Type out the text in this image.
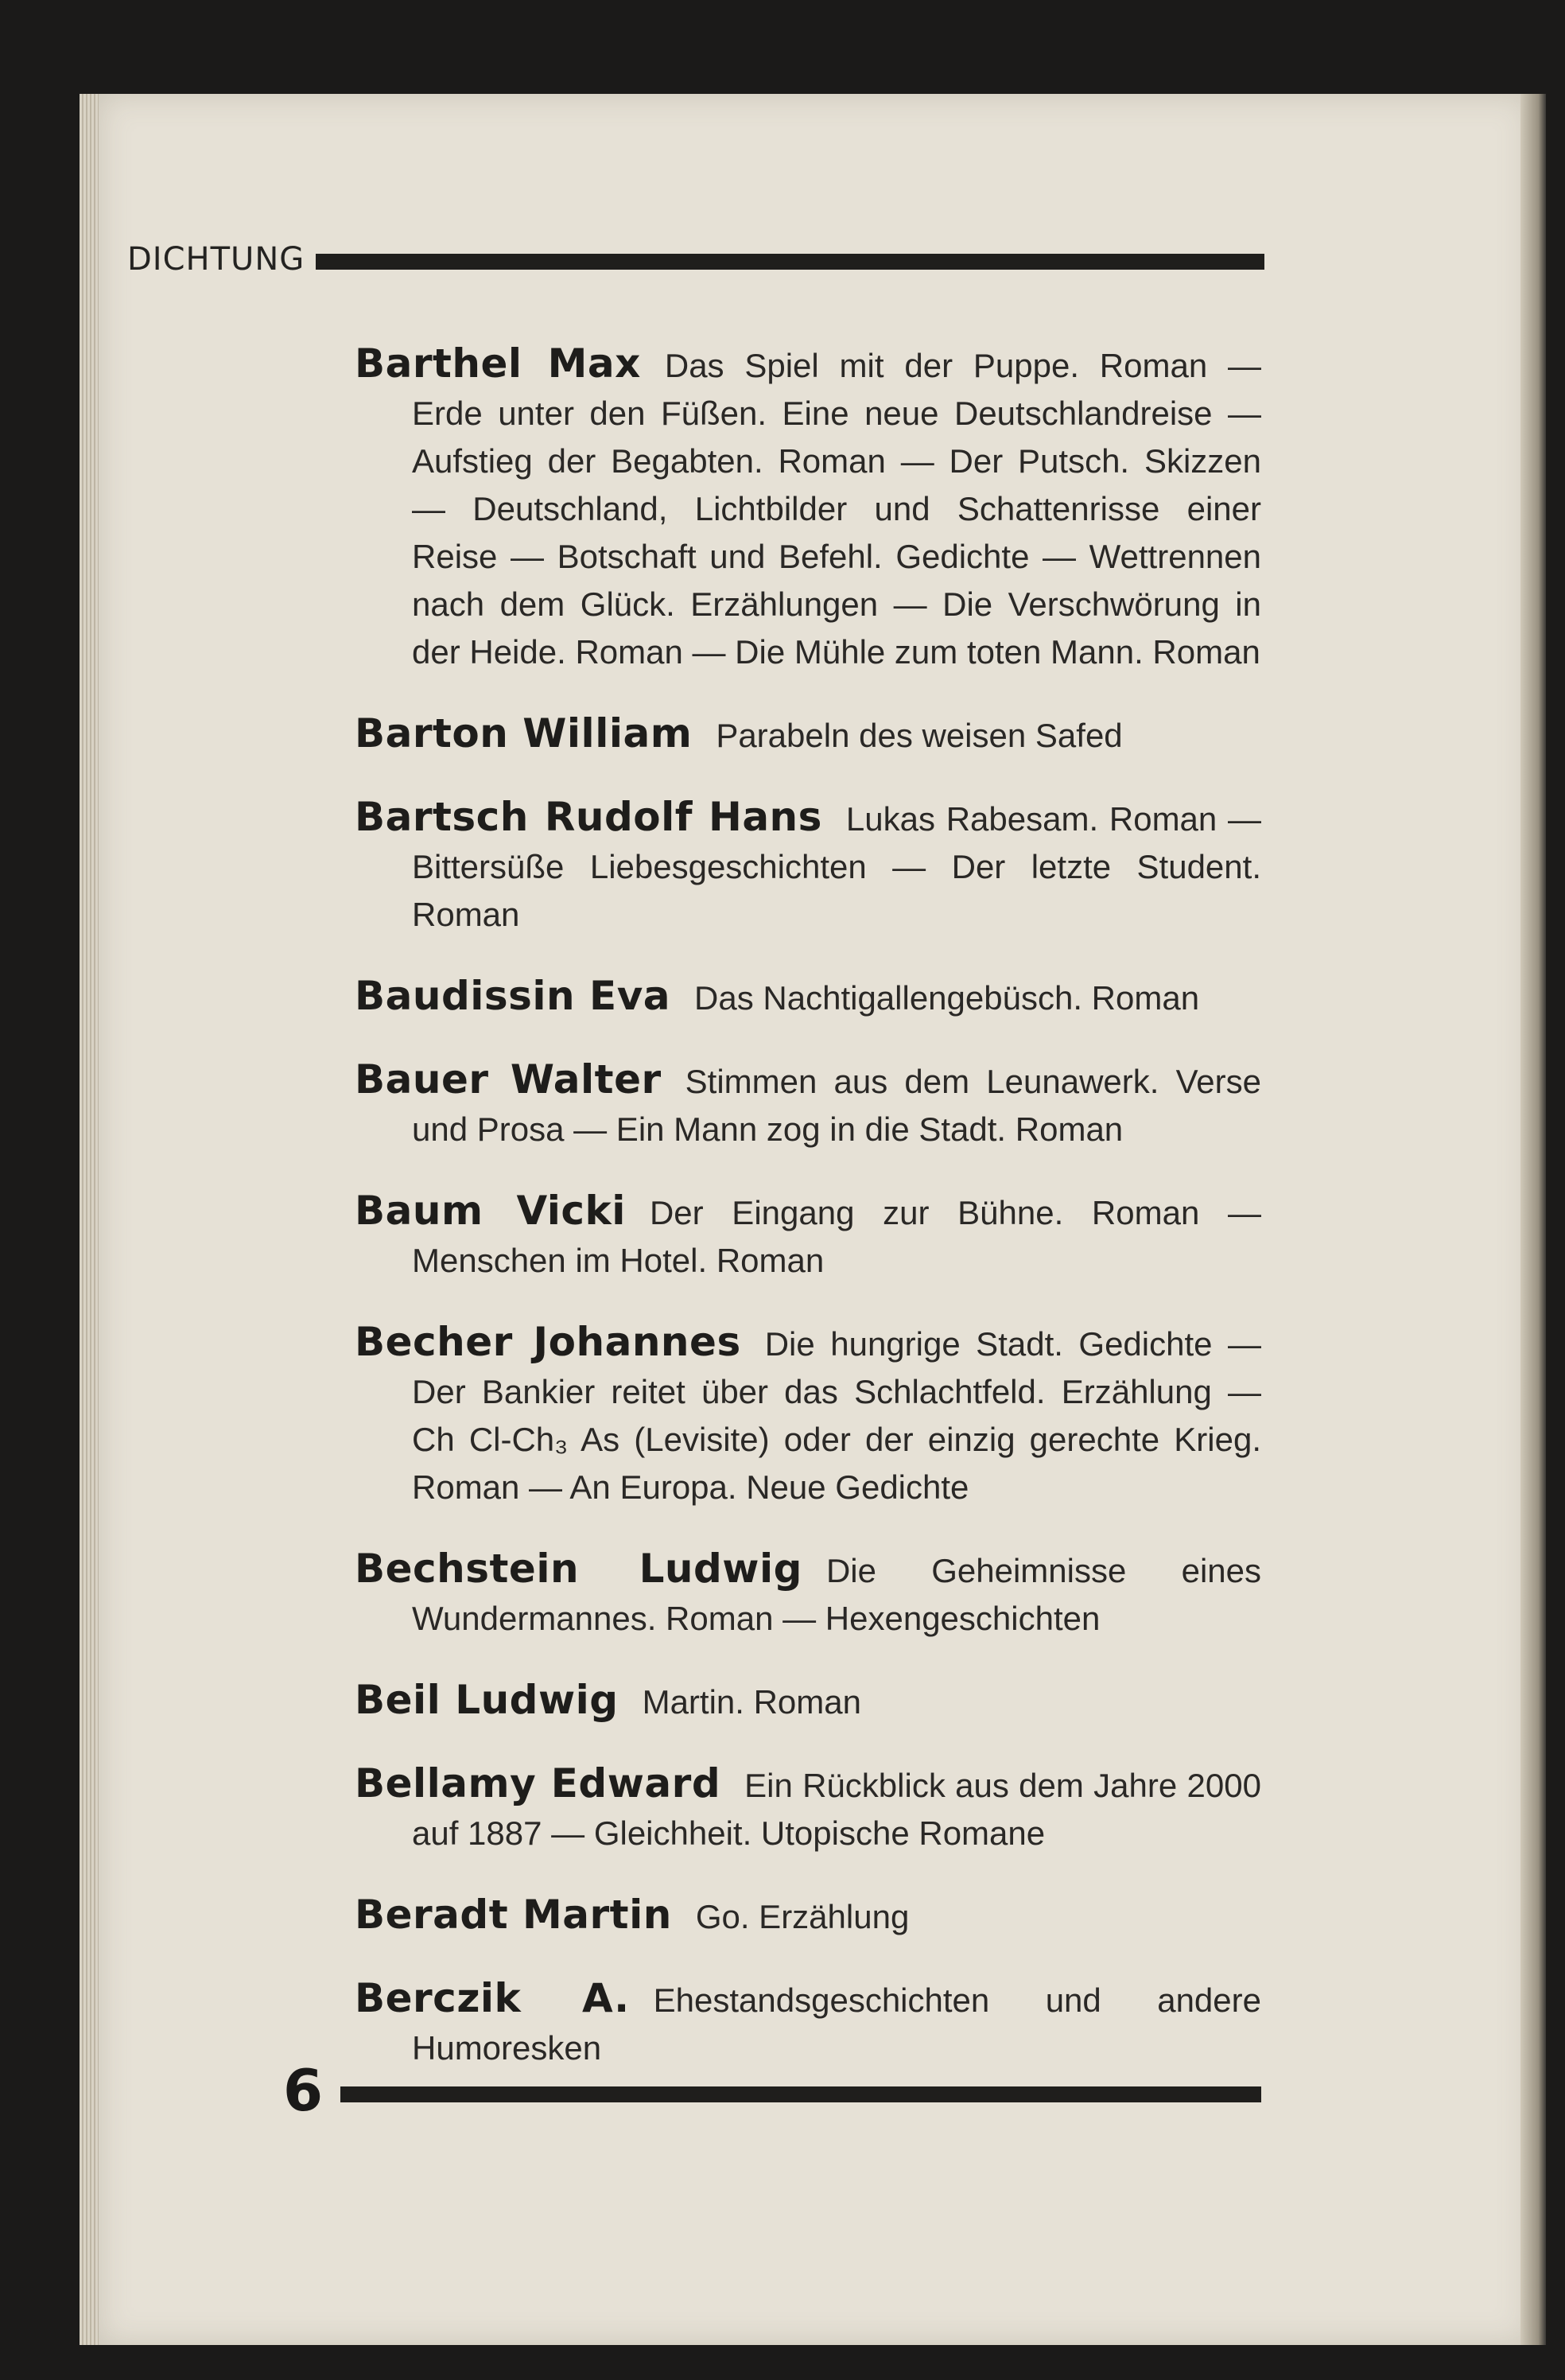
DICHTUNG

Barthel Max Das Spiel mit der Puppe. Roman — Erde unter den Füßen. Eine neue Deutschlandreise — Aufstieg der Begabten. Roman — Der Putsch. Skizzen — Deutschland, Lichtbilder und Schattenrisse einer Reise — Botschaft und Befehl. Gedichte — Wettrennen nach dem Glück. Erzählungen — Die Verschwörung in der Heide. Roman — Die Mühle zum toten Mann. Roman

Barton William Parabeln des weisen Safed

Bartsch Rudolf Hans Lukas Rabesam. Roman — Bittersüße Liebesgeschichten — Der letzte Student. Roman

Baudissin Eva Das Nachtigallengebüsch. Roman

Bauer Walter Stimmen aus dem Leunawerk. Verse und Prosa — Ein Mann zog in die Stadt. Roman

Baum Vicki Der Eingang zur Bühne. Roman — Menschen im Hotel. Roman

Becher Johannes Die hungrige Stadt. Gedichte — Der Bankier reitet über das Schlachtfeld. Erzählung — Ch Cl-Ch₃ As (Levisite) oder der einzig gerechte Krieg. Roman — An Europa. Neue Gedichte

Bechstein Ludwig Die Geheimnisse eines Wundermannes. Roman — Hexengeschichten

Beil Ludwig Martin. Roman

Bellamy Edward Ein Rückblick aus dem Jahre 2000 auf 1887 — Gleichheit. Utopische Romane

Beradt Martin Go. Erzählung

Berczik A. Ehestandsgeschichten und andere Humoresken

6
